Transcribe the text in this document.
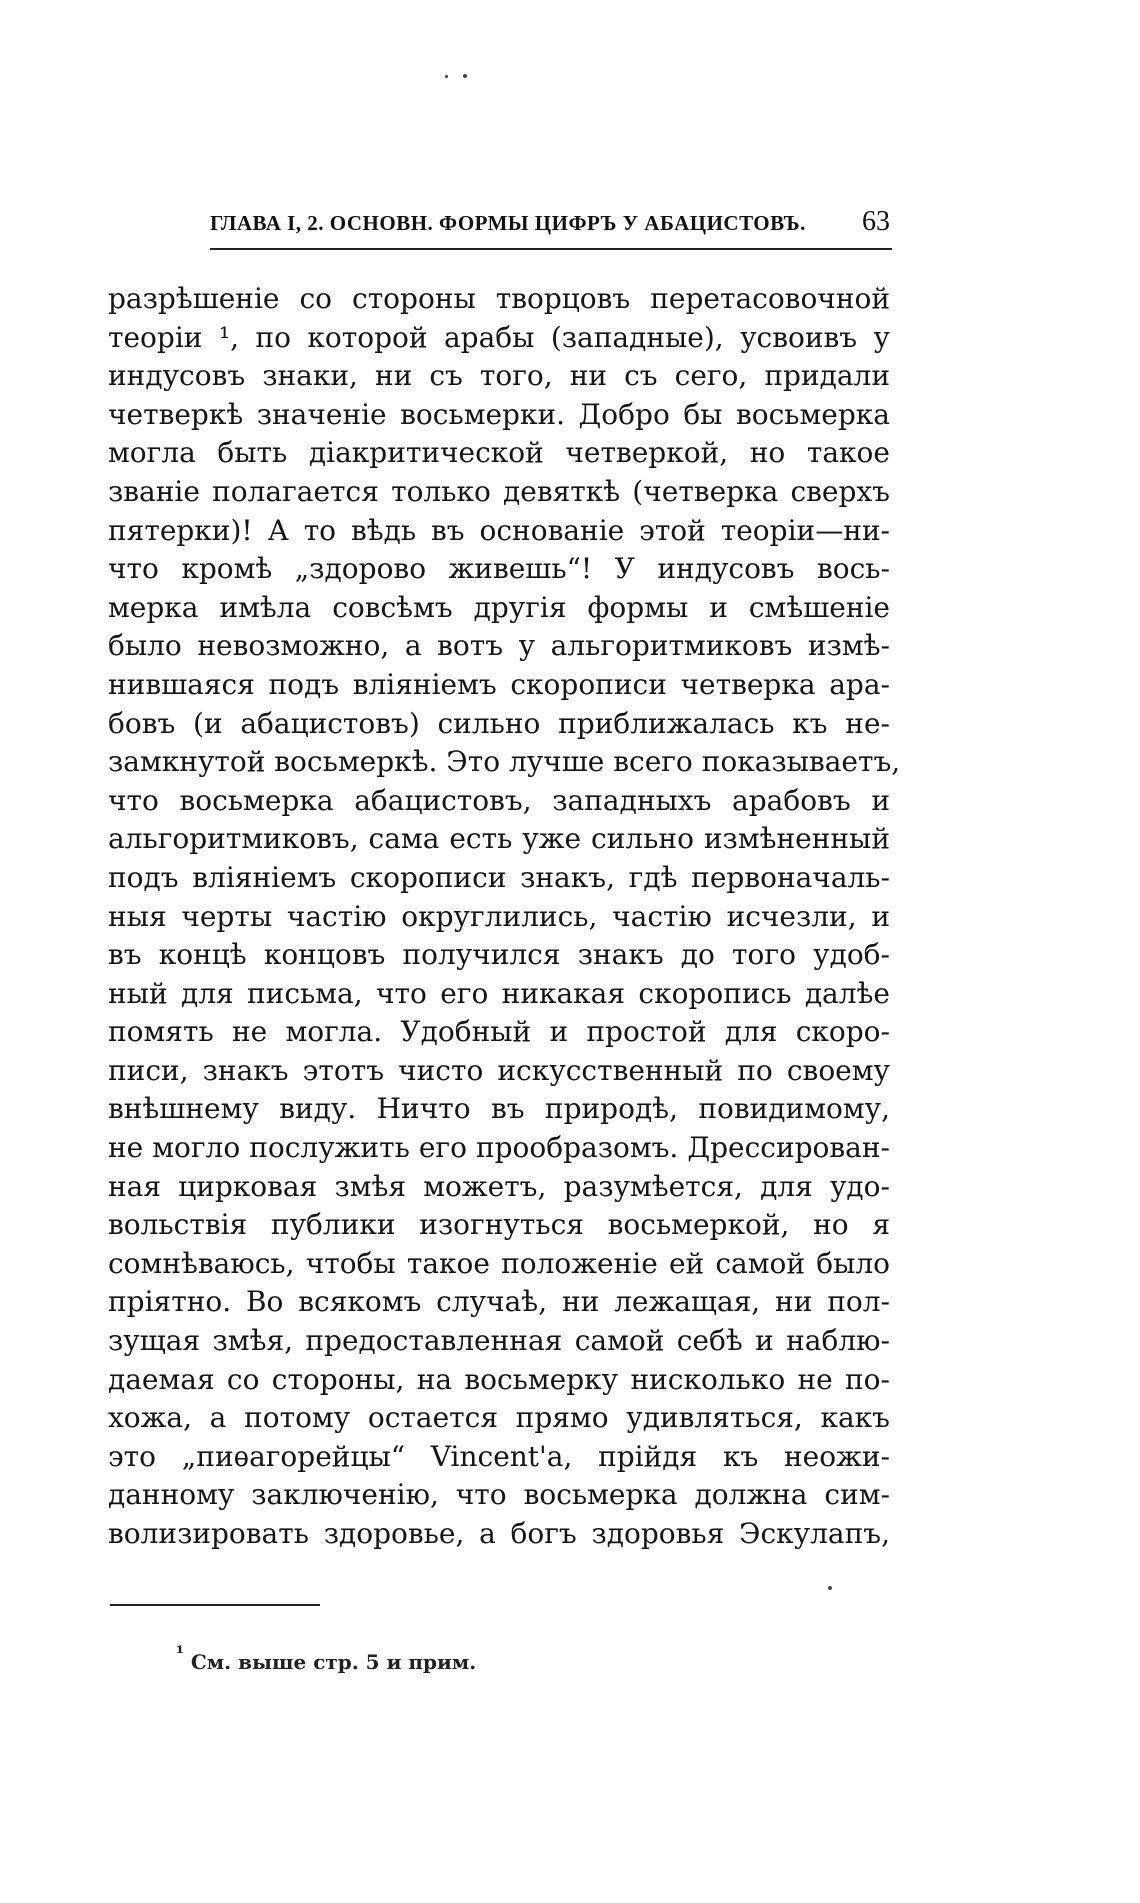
ГЛАВА I, 2. ОСНОВН. ФОРМЫ ЦИФРЪ У АБАЦИСТОВЪ. 63
разрѣшеніе со стороны творцовъ перетасовочной
теоріи ¹, по которой арабы (западные), усвоивъ у
индусовъ знаки, ни съ того, ни съ сего, придали
четверкѣ значеніе восьмерки. Добро бы восьмерка
могла быть діакритической четверкой, но такое
званіе полагается только девяткѣ (четверка сверхъ
пятерки)! А то вѣдь въ основаніе этой теоріи—ни-
что кромѣ „здорово живешь“! У индусовъ вось-
мерка имѣла совсѣмъ другія формы и смѣшеніе
было невозможно, а вотъ у альгоритмиковъ измѣ-
нившаяся подъ вліяніемъ скорописи четверка ара-
бовъ (и абацистовъ) сильно приближалась къ не-
замкнутой восьмеркѣ. Это лучше всего показываетъ,
что восьмерка абацистовъ, западныхъ арабовъ и
альгоритмиковъ, сама есть уже сильно измѣненный
подъ вліяніемъ скорописи знакъ, гдѣ первоначаль-
ныя черты частію округлились, частію исчезли, и
въ концѣ концовъ получился знакъ до того удоб-
ный для письма, что его никакая скоропись далѣе
помять не могла. Удобный и простой для скоро-
писи, знакъ этотъ чисто искусственный по своему
внѣшнему виду. Ничто въ природѣ, повидимому,
не могло послужить его прообразомъ. Дрессирован-
ная цирковая змѣя можетъ, разумѣется, для удо-
вольствія публики изогнуться восьмеркой, но я
сомнѣваюсь, чтобы такое положеніе ей самой было
пріятно. Во всякомъ случаѣ, ни лежащая, ни пол-
зущая змѣя, предоставленная самой себѣ и наблю-
даемая со стороны, на восьмерку нисколько не по-
хожа, а потому остается прямо удивляться, какъ
это „пиѳагорейцы“ Vincent'а, прійдя къ неожи-
данному заключенію, что восьмерка должна сим-
волизировать здоровье, а богъ здоровья Эскулапъ,
¹ См. выше стр. 5 и прим.
